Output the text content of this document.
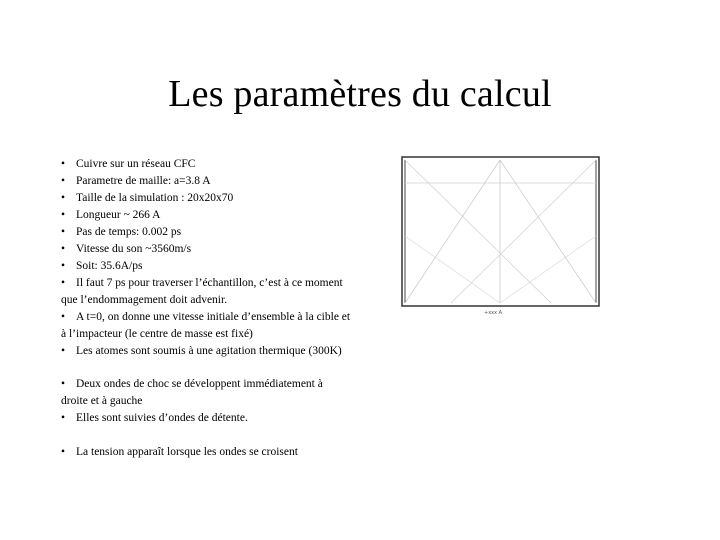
Les paramètres du calcul
• Cuivre sur un réseau CFC
• Parametre de maille: a=3.8 A
• Taille de la simulation : 20x20x70
• Longueur ~ 266 A
• Pas de temps: 0.002 ps
• Vitesse du son ~3560m/s
• Soit: 35.6A/ps
• Il faut 7 ps pour traverser l’échantillon, c’est à ce moment que l’endommagement doit advenir.
• A t=0, on donne une vitesse initiale d’ensemble à la cible et à l’impacteur (le centre de masse est fixé)
• Les atomes sont soumis à une agitation thermique (300K)
• Deux ondes de choc se développent immédiatement à droite et à gauche
• Elles sont suivies d’ondes de détente.
• La tension apparaît lorsque les ondes se croisent
+xxx A
